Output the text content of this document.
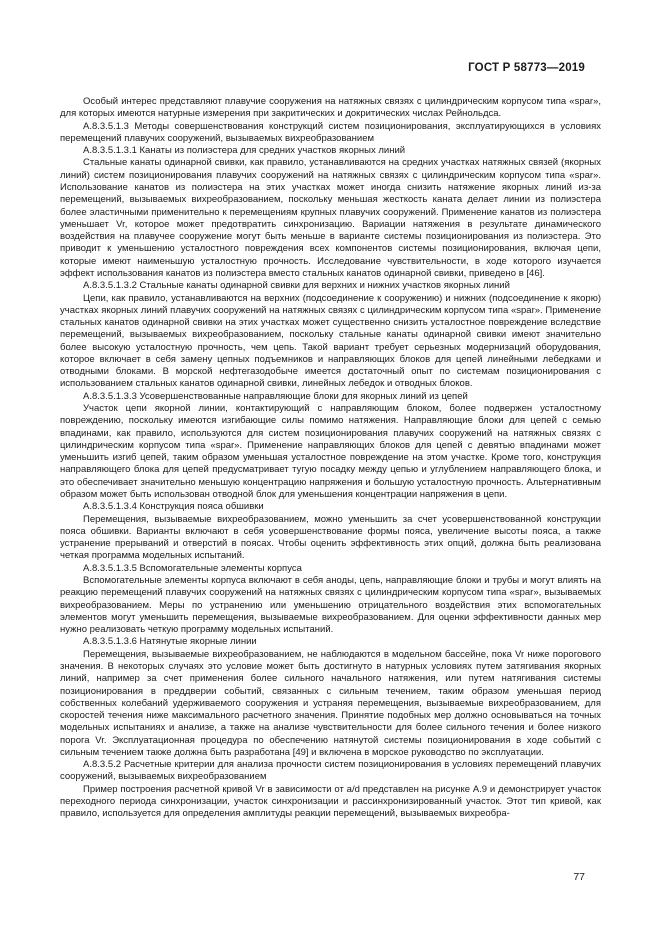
ГОСТ Р 58773—2019

Особый интерес представляют плавучие сооружения на натяжных связях с цилиндрическим корпусом типа «spar», для которых имеются натурные измерения при закритических и докритических числах Рейнольдса.

A.8.3.5.1.3 Методы совершенствования конструкций систем позиционирования, эксплуатирующихся в условиях перемещений плавучих сооружений, вызываемых вихреобразованием

A.8.3.5.1.3.1 Канаты из полиэстера для средних участков якорных линий

Стальные канаты одинарной свивки, как правило, устанавливаются на средних участках натяжных связей (якорных линий) систем позиционирования плавучих сооружений на натяжных связях с цилиндрическим корпусом типа «spar». Использование канатов из полиэстера на этих участках может иногда снизить натяжение якорных линий из-за перемещений, вызываемых вихреобразованием, поскольку меньшая жесткость каната делает линии из полиэстера более эластичными применительно к перемещениям крупных плавучих сооружений. Применение канатов из полиэстера уменьшает Vr, которое может предотвратить синхронизацию. Вариации натяжения в результате динамического воздействия на плавучее сооружение могут быть меньше в варианте системы позиционирования из полиэстера. Это приводит к уменьшению усталостного повреждения всех компонентов системы позиционирования, включая цепи, которые имеют наименьшую усталостную прочность. Исследование чувствительности, в ходе которого изучается эффект использования канатов из полиэстера вместо стальных канатов одинарной свивки, приведено в [46].

A.8.3.5.1.3.2 Стальные канаты одинарной свивки для верхних и нижних участков якорных линий

Цепи, как правило, устанавливаются на верхних (подсоединение к сооружению) и нижних (подсоединение к якорю) участках якорных линий плавучих сооружений на натяжных связях с цилиндрическим корпусом типа «spar». Применение стальных канатов одинарной свивки на этих участках может существенно снизить усталостное повреждение вследствие перемещений, вызываемых вихреобразованием, поскольку стальные канаты одинарной свивки имеют значительно более высокую усталостную прочность, чем цепь. Такой вариант требует серьезных модернизаций оборудования, которое включает в себя замену цепных подъемников и направляющих блоков для цепей линейными лебедками и отводными блоками. В морской нефтегазодобыче имеется достаточный опыт по системам позиционирования с использованием стальных канатов одинарной свивки, линейных лебедок и отводных блоков.

A.8.3.5.1.3.3 Усовершенствованные направляющие блоки для якорных линий из цепей

Участок цепи якорной линии, контактирующий с направляющим блоком, более подвержен усталостному повреждению, поскольку имеются изгибающие силы помимо натяжения. Направляющие блоки для цепей с семью впадинами, как правило, используются для систем позиционирования плавучих сооружений на натяжных связях с цилиндрическим корпусом типа «spar». Применение направляющих блоков для цепей с девятью впадинами может уменьшить изгиб цепей, таким образом уменьшая усталостное повреждение на этом участке. Кроме того, конструкция направляющего блока для цепей предусматривает тугую посадку между цепью и углублением направляющего блока, и это обеспечивает значительно меньшую концентрацию напряжения и большую усталостную прочность. Альтернативным образом может быть использован отводной блок для уменьшения концентрации напряжения в цепи.

A.8.3.5.1.3.4 Конструкция пояса обшивки

Перемещения, вызываемые вихреобразованием, можно уменьшить за счет усовершенствованной конструкции пояса обшивки. Варианты включают в себя усовершенствование формы пояса, увеличение высоты пояса, а также устранение прерываний и отверстий в поясах. Чтобы оценить эффективность этих опций, должна быть реализована четкая программа модельных испытаний.

A.8.3.5.1.3.5 Вспомогательные элементы корпуса

Вспомогательные элементы корпуса включают в себя аноды, цепь, направляющие блоки и трубы и могут влиять на реакцию перемещений плавучих сооружений на натяжных связях с цилиндрическим корпусом типа «spar», вызываемых вихреобразованием. Меры по устранению или уменьшению отрицательного воздействия этих вспомогательных элементов могут уменьшить перемещения, вызываемые вихреобразованием. Для оценки эффективности данных мер нужно реализовать четкую программу модельных испытаний.

A.8.3.5.1.3.6 Натянутые якорные линии

Перемещения, вызываемые вихреобразованием, не наблюдаются в модельном бассейне, пока Vr ниже порогового значения. В некоторых случаях это условие может быть достигнуто в натурных условиях путем затягивания якорных линий, например за счет применения более сильного начального натяжения, или путем натягивания системы позиционирования в преддверии событий, связанных с сильным течением, таким образом уменьшая период собственных колебаний удерживаемого сооружения и устраняя перемещения, вызываемые вихреобразованием, для скоростей течения ниже максимального расчетного значения. Принятие подобных мер должно основываться на точных модельных испытаниях и анализе, а также на анализе чувствительности для более сильного течения и более низкого порога Vr. Эксплуатационная процедура по обеспечению натянутой системы позиционирования в ходе событий с сильным течением также должна быть разработана [49] и включена в морское руководство по эксплуатации.

A.8.3.5.2 Расчетные критерии для анализа прочности систем позиционирования в условиях перемещений плавучих сооружений, вызываемых вихреобразованием

Пример построения расчетной кривой Vr в зависимости от a/d представлен на рисунке A.9 и демонстрирует участок переходного периода синхронизации, участок синхронизации и рассинхронизированный участок. Этот тип кривой, как правило, используется для определения амплитуды реакции перемещений, вызываемых вихреобра-

77
